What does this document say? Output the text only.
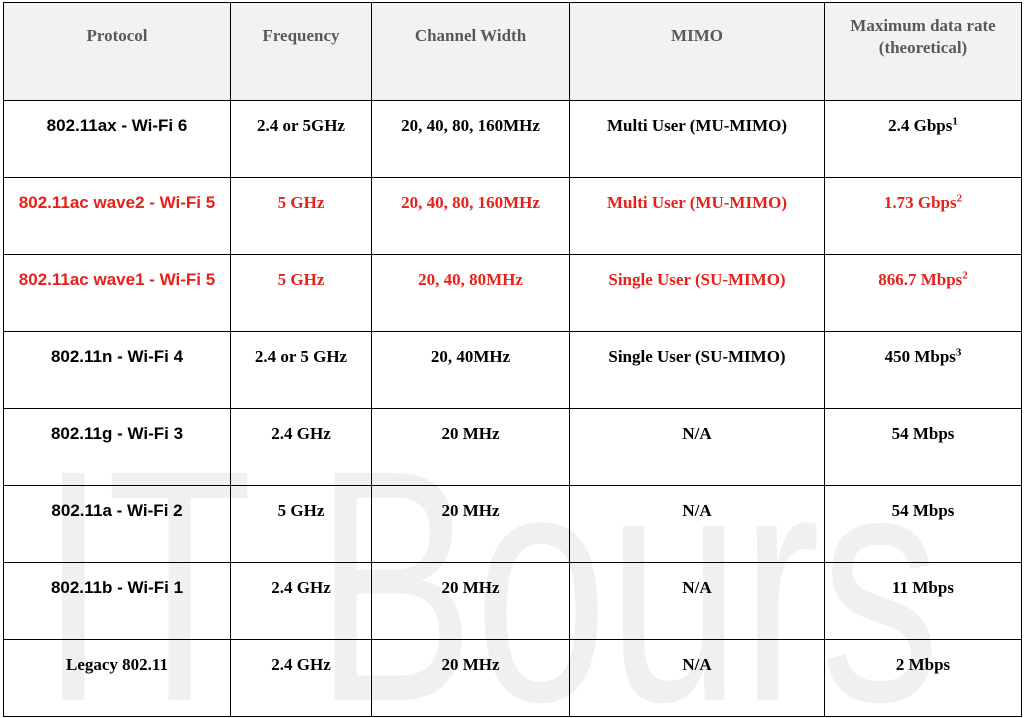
IT Bours
Protocol	Frequency	Channel Width	MIMO	Maximum data rate
(theoretical)

802.11ax - Wi-Fi 6	2.4 or 5GHz	20, 40, 80, 160MHz	Multi User (MU-MIMO)	2.4 Gbps$^1$
802.11ac wave2 - Wi-Fi 5	5 GHz	20, 40, 80, 160MHz	Multi User (MU-MIMO)	1.73 Gbps$^2$
802.11ac wave1 - Wi-Fi 5	5 GHz	20, 40, 80MHz	Single User (SU-MIMO)	866.7 Mbps$^2$
802.11n - Wi-Fi 4	2.4 or 5 GHz	20, 40MHz	Single User (SU-MIMO)	450 Mbps$^3$
802.11g - Wi-Fi 3	2.4 GHz	20 MHz	N/A	54 Mbps
802.11a - Wi-Fi 2	5 GHz	20 MHz	N/A	54 Mbps
802.11b - Wi-Fi 1	2.4 GHz	20 MHz	N/A	11 Mbps
Legacy 802.11	2.4 GHz	20 MHz	N/A	2 Mbps
